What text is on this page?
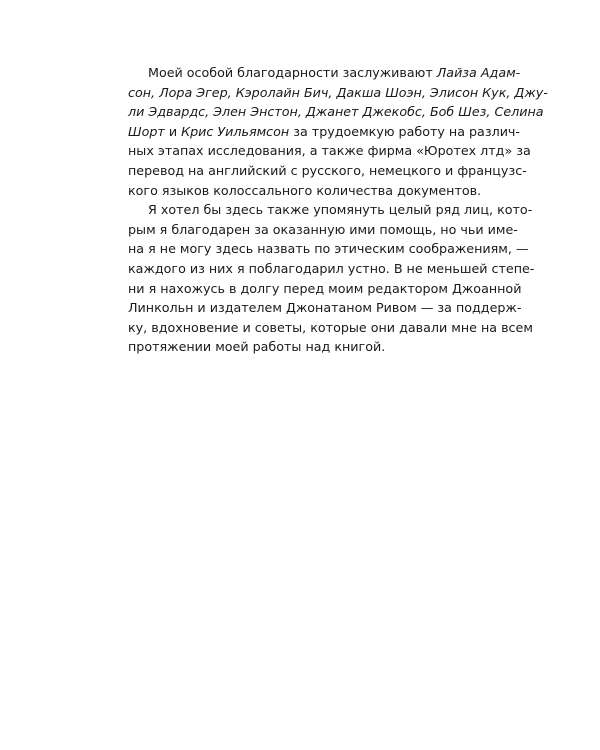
Моей особой благодарности заслуживают Лайза Адам-
сон, Лора Эгер, Кэролайн Бич, Дакша Шоэн, Элисон Кук, Джу-
ли Эдвардс, Элен Энстон, Джанет Джекобс, Боб Шез, Селина
Шорт и Крис Уильямсон за трудоемкую работу на различ-
ных этапах исследования, а также фирма «Юротех лтд» за
перевод на английский с русского, немецкого и французс-
кого языков колоссального количества документов.
Я хотел бы здесь также упомянуть целый ряд лиц, кото-
рым я благодарен за оказанную ими помощь, но чьи име-
на я не могу здесь назвать по этическим соображениям, —
каждого из них я поблагодарил устно. В не меньшей степе-
ни я нахожусь в долгу перед моим редактором Джоанной
Линкольн и издателем Джонатаном Ривом — за поддерж-
ку, вдохновение и советы, которые они давали мне на всем
протяжении моей работы над книгой.
